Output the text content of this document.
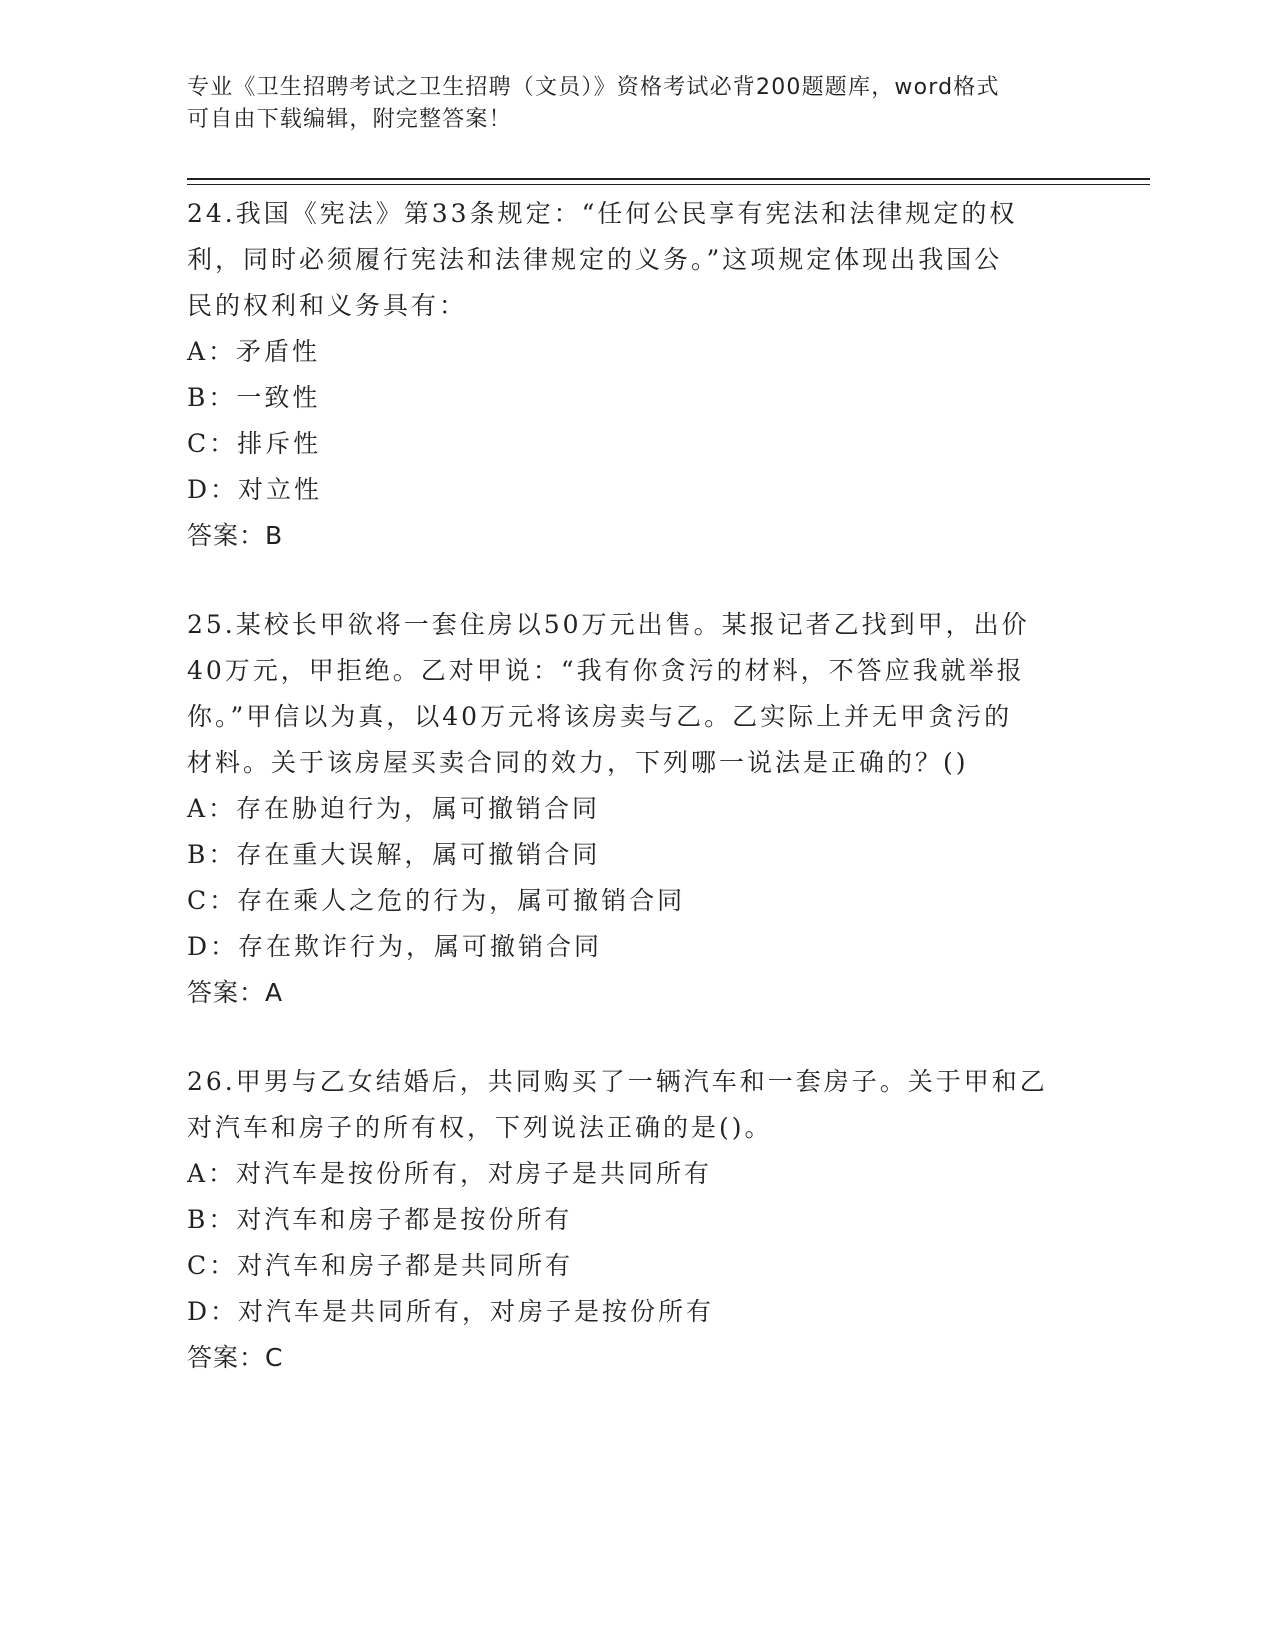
专业《卫生招聘考试之卫生招聘（文员）》资格考试必背200题题库，word格式
可自由下载编辑，附完整答案！
24.我国《宪法》第33条规定：“任何公民享有宪法和法律规定的权
利，同时必须履行宪法和法律规定的义务。”这项规定体现出我国公
民的权利和义务具有：
A：矛盾性
B：一致性
C：排斥性
D：对立性
答案：B
25.某校长甲欲将一套住房以50万元出售。某报记者乙找到甲，出价
40万元，甲拒绝。乙对甲说：“我有你贪污的材料，不答应我就举报
你。”甲信以为真，以40万元将该房卖与乙。乙实际上并无甲贪污的
材料。关于该房屋买卖合同的效力，下列哪一说法是正确的？()
A：存在胁迫行为，属可撤销合同
B：存在重大误解，属可撤销合同
C：存在乘人之危的行为，属可撤销合同
D：存在欺诈行为，属可撤销合同
答案：A
26.甲男与乙女结婚后，共同购买了一辆汽车和一套房子。关于甲和乙
对汽车和房子的所有权，下列说法正确的是()。
A：对汽车是按份所有，对房子是共同所有
B：对汽车和房子都是按份所有
C：对汽车和房子都是共同所有
D：对汽车是共同所有，对房子是按份所有
答案：C
